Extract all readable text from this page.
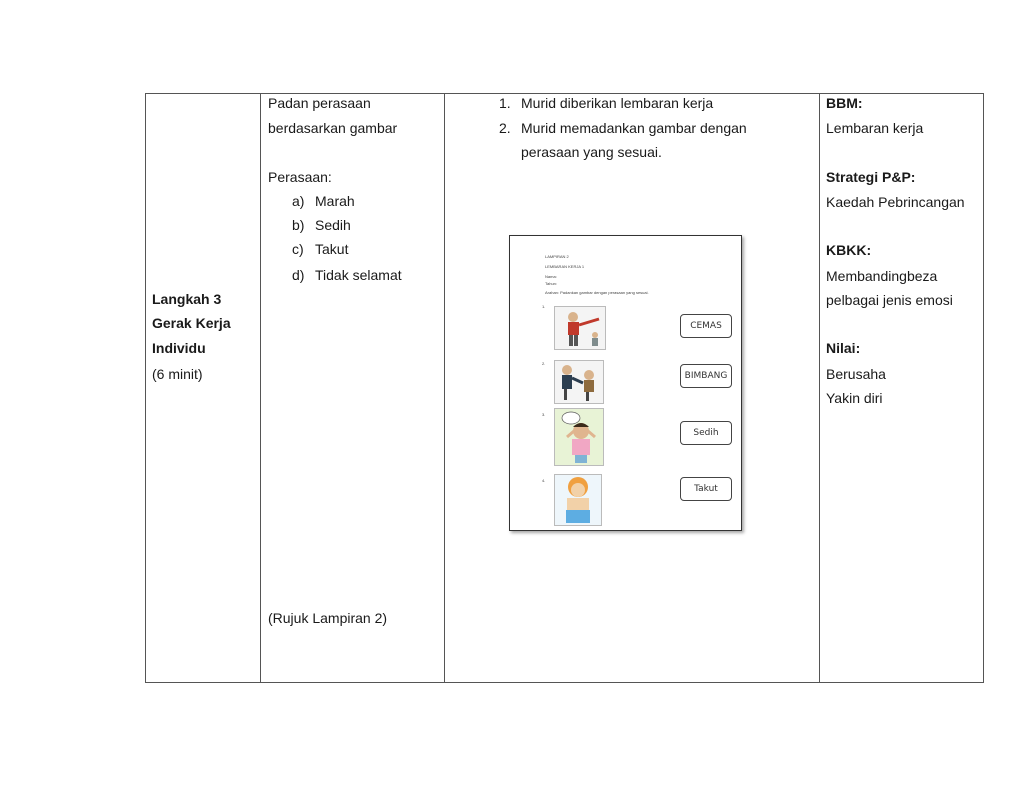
Langkah 3
Gerak Kerja
Individu
(6 minit)
Padan perasaan
berdasarkan gambar
Perasaan:
a) Marah
b) Sedih
c) Takut
d) Tidak selamat
(Rujuk Lampiran 2)
1. Murid diberikan lembaran kerja
2. Murid memadankan gambar dengan
perasaan yang sesuai.
LAMPIRAN 2
LEMBARAN KERJA 1
Nama:
Tahun:
Arahan: Padankan gambar dengan perasaan yang sesuai.
1.
CEMAS
2.
BIMBANG
3.
Sedih
4.
Takut
BBM:
Lembaran kerja
Strategi P&P:
Kaedah Pebrincangan
KBKK:
Membandingbeza
pelbagai jenis emosi
Nilai:
Berusaha
Yakin diri
